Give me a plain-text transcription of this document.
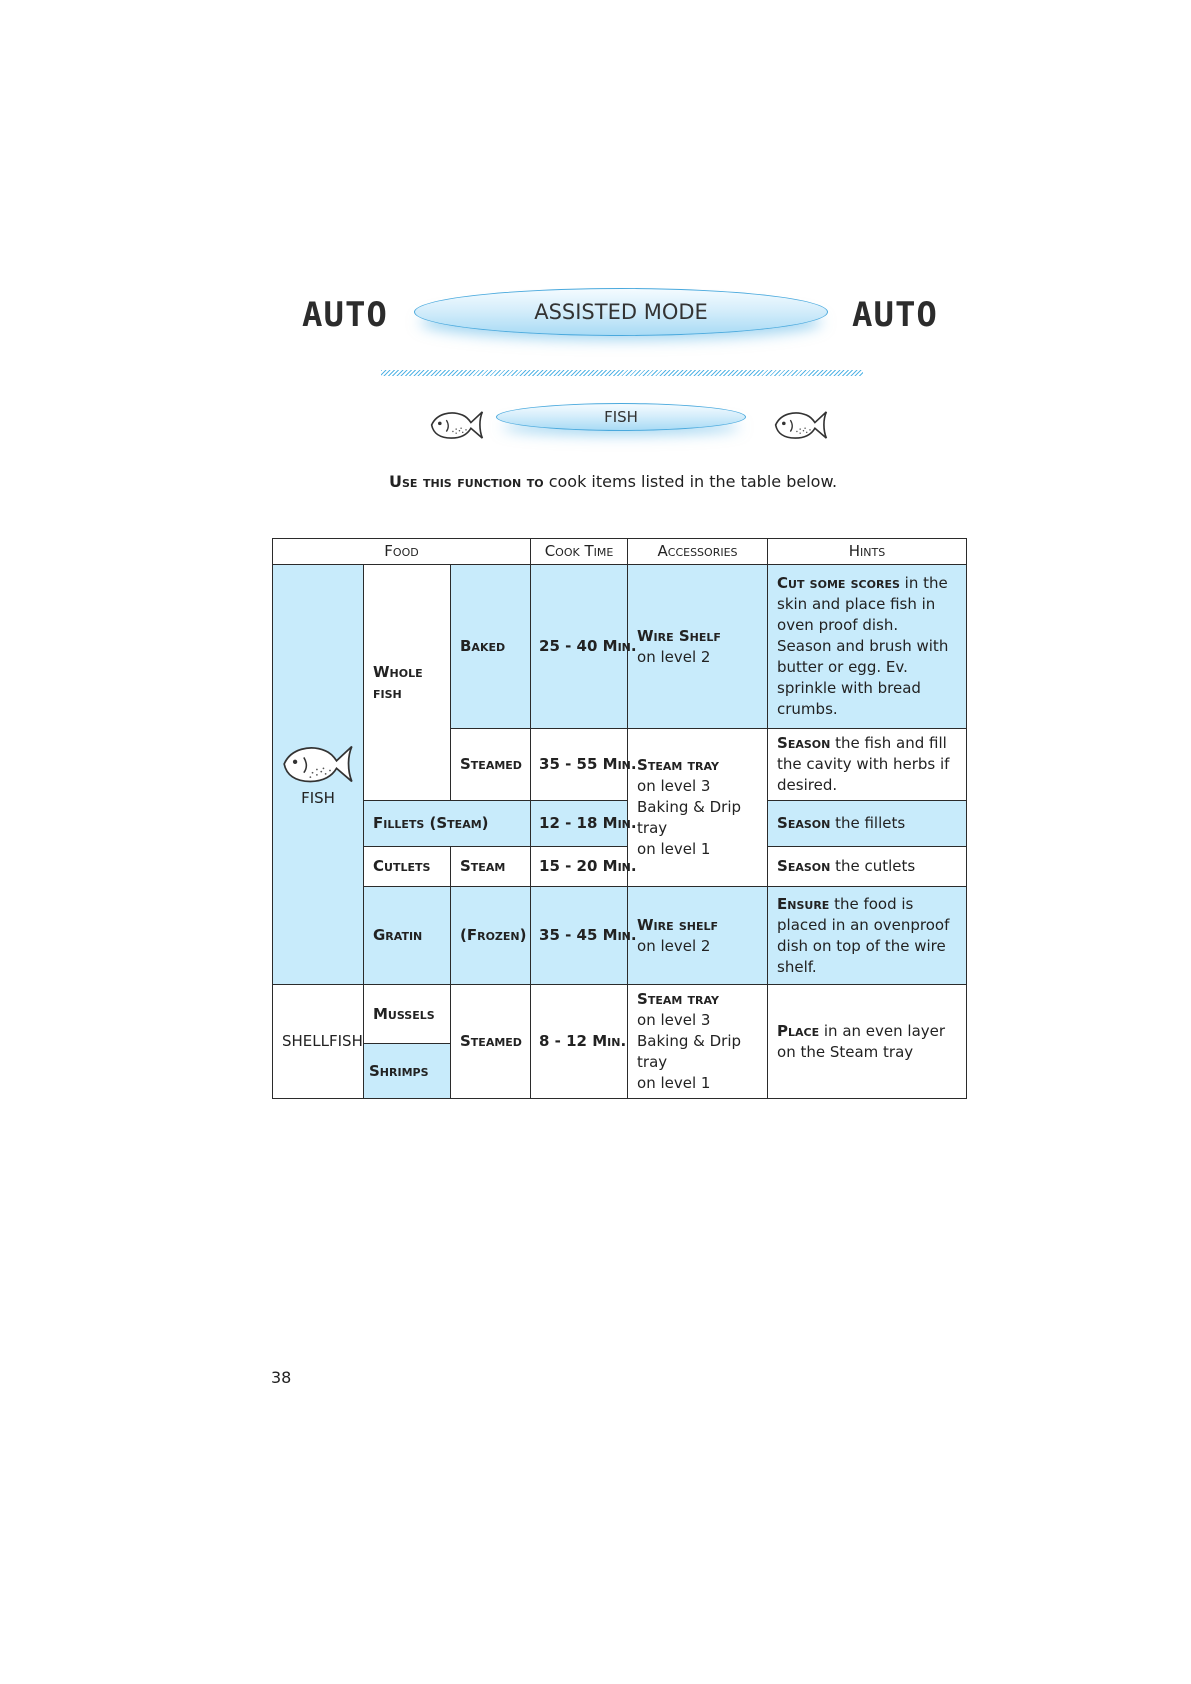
AUTO	ASSISTED MODE	AUTO
FISH
Use this function to cook items listed in the table below.
Food			Cook Time	Accessories	Hints

FISH	Whole fish	Baked	25 - 40 Min.	Wire Shelf
on level 2	Cut some scores in the skin and place fish in oven proof dish. Season and brush with butter or egg. Ev. sprinkle with bread crumbs.
		Steamed	35 - 55 Min.	Steam tray
on level 3
Baking & Drip tray
on level 1	Season the fish and fill the cavity with herbs if desired.
	Fillets (Steam)		12 - 18 Min.		Season the fillets
	Cutlets	Steam	15 - 20 Min.		Season the cutlets
	Gratin	(Frozen)	35 - 45 Min.	Wire shelf
on level 2	Ensure the food is placed in an ovenproof dish on top of the wire shelf.
SHELLFISH	Mussels	Steamed	8 - 12 Min.	Steam tray
on level 3
Baking & Drip tray
on level 1	Place in an even layer on the Steam tray
	Shrimps				
38
